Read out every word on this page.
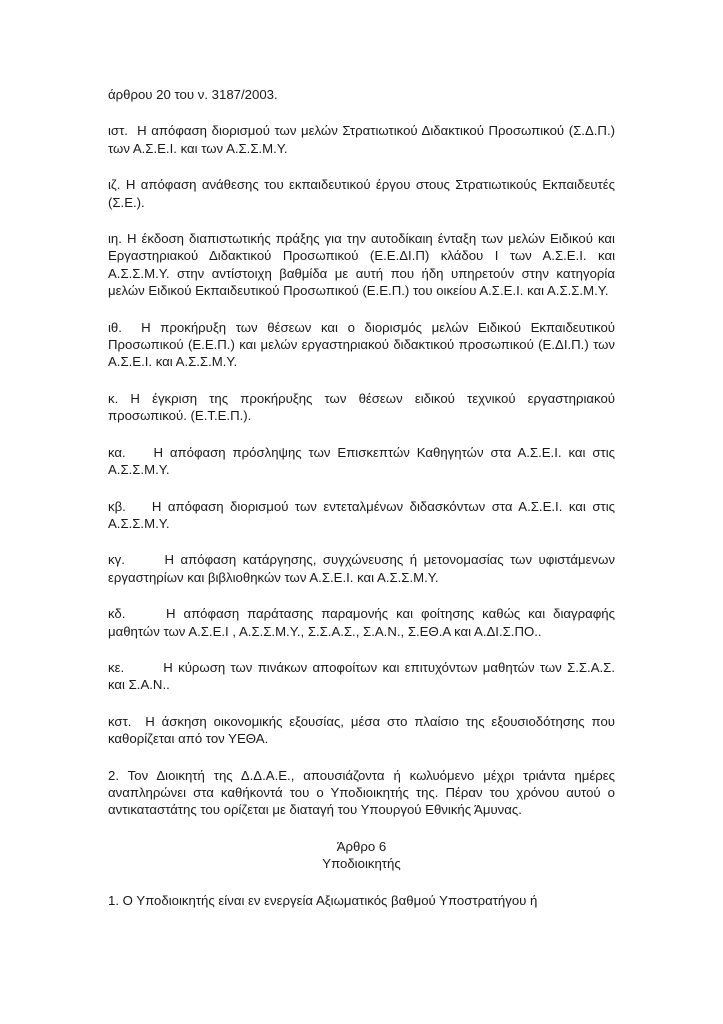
άρθρου 20 του ν. 3187/2003.

ιστ. Η απόφαση διορισμού των μελών Στρατιωτικού Διδακτικού Προσωπικού (Σ.Δ.Π.) των Α.Σ.Ε.Ι. και των Α.Σ.Σ.Μ.Υ.

ιζ. Η απόφαση ανάθεσης του εκπαιδευτικού έργου στους Στρατιωτικούς Εκπαιδευτές (Σ.Ε.).

ιη. Η έκδοση διαπιστωτικής πράξης για την αυτοδίκαιη ένταξη των μελών Ειδικού και Εργαστηριακού Διδακτικού Προσωπικού (Ε.Ε.ΔΙ.Π) κλάδου Ι των Α.Σ.Ε.Ι. και Α.Σ.Σ.Μ.Υ. στην αντίστοιχη βαθμίδα με αυτή που ήδη υπηρετούν στην κατηγορία μελών Ειδικού Εκπαιδευτικού Προσωπικού (Ε.Ε.Π.) του οικείου Α.Σ.Ε.Ι. και Α.Σ.Σ.Μ.Υ.

ιθ. Η προκήρυξη των θέσεων και ο διορισμός μελών Ειδικού Εκπαιδευτικού Προσωπικού (Ε.Ε.Π.) και μελών εργαστηριακού διδακτικού προσωπικού (Ε.ΔΙ.Π.) των Α.Σ.Ε.Ι. και Α.Σ.Σ.Μ.Υ.

κ. Η έγκριση της προκήρυξης των θέσεων ειδικού τεχνικού εργαστηριακού προσωπικού. (Ε.Τ.Ε.Π.).

κα. Η απόφαση πρόσληψης των Επισκεπτών Καθηγητών στα Α.Σ.Ε.Ι. και στις Α.Σ.Σ.Μ.Υ.

κβ. Η απόφαση διορισμού των εντεταλμένων διδασκόντων στα Α.Σ.Ε.Ι. και στις Α.Σ.Σ.Μ.Υ.

κγ.	Η απόφαση κατάργησης, συγχώνευσης ή μετονομασίας των υφιστάμενων εργαστηρίων και βιβλιοθηκών των Α.Σ.Ε.Ι. και Α.Σ.Σ.Μ.Υ.

κδ.	Η απόφαση παράτασης παραμονής και φοίτησης καθώς και διαγραφής μαθητών των Α.Σ.Ε.Ι , Α.Σ.Σ.Μ.Υ., Σ.Σ.Α.Σ., Σ.Α.Ν., Σ.ΕΘ.Α και Α.ΔΙ.Σ.ΠΟ..

κε.	Η κύρωση των πινάκων αποφοίτων και επιτυχόντων μαθητών των Σ.Σ.Α.Σ. και Σ.Α.Ν..

κστ. Η άσκηση οικονομικής εξουσίας, μέσα στο πλαίσιο της εξουσιοδότησης που καθορίζεται από τον ΥΕΘΑ.

2. Τον Διοικητή της Δ.Δ.Α.Ε., απουσιάζοντα ή κωλυόμενο μέχρι τριάντα ημέρες αναπληρώνει στα καθήκοντά του ο Υποδιοικητής της. Πέραν του χρόνου αυτού ο αντικαταστάτης του ορίζεται με διαταγή του Υπουργού Εθνικής Άμυνας.

Άρθρο 6
Υποδιοικητής

1. Ο Υποδιοικητής είναι εν ενεργεία Αξιωματικός βαθμού Υποστρατήγου ή
